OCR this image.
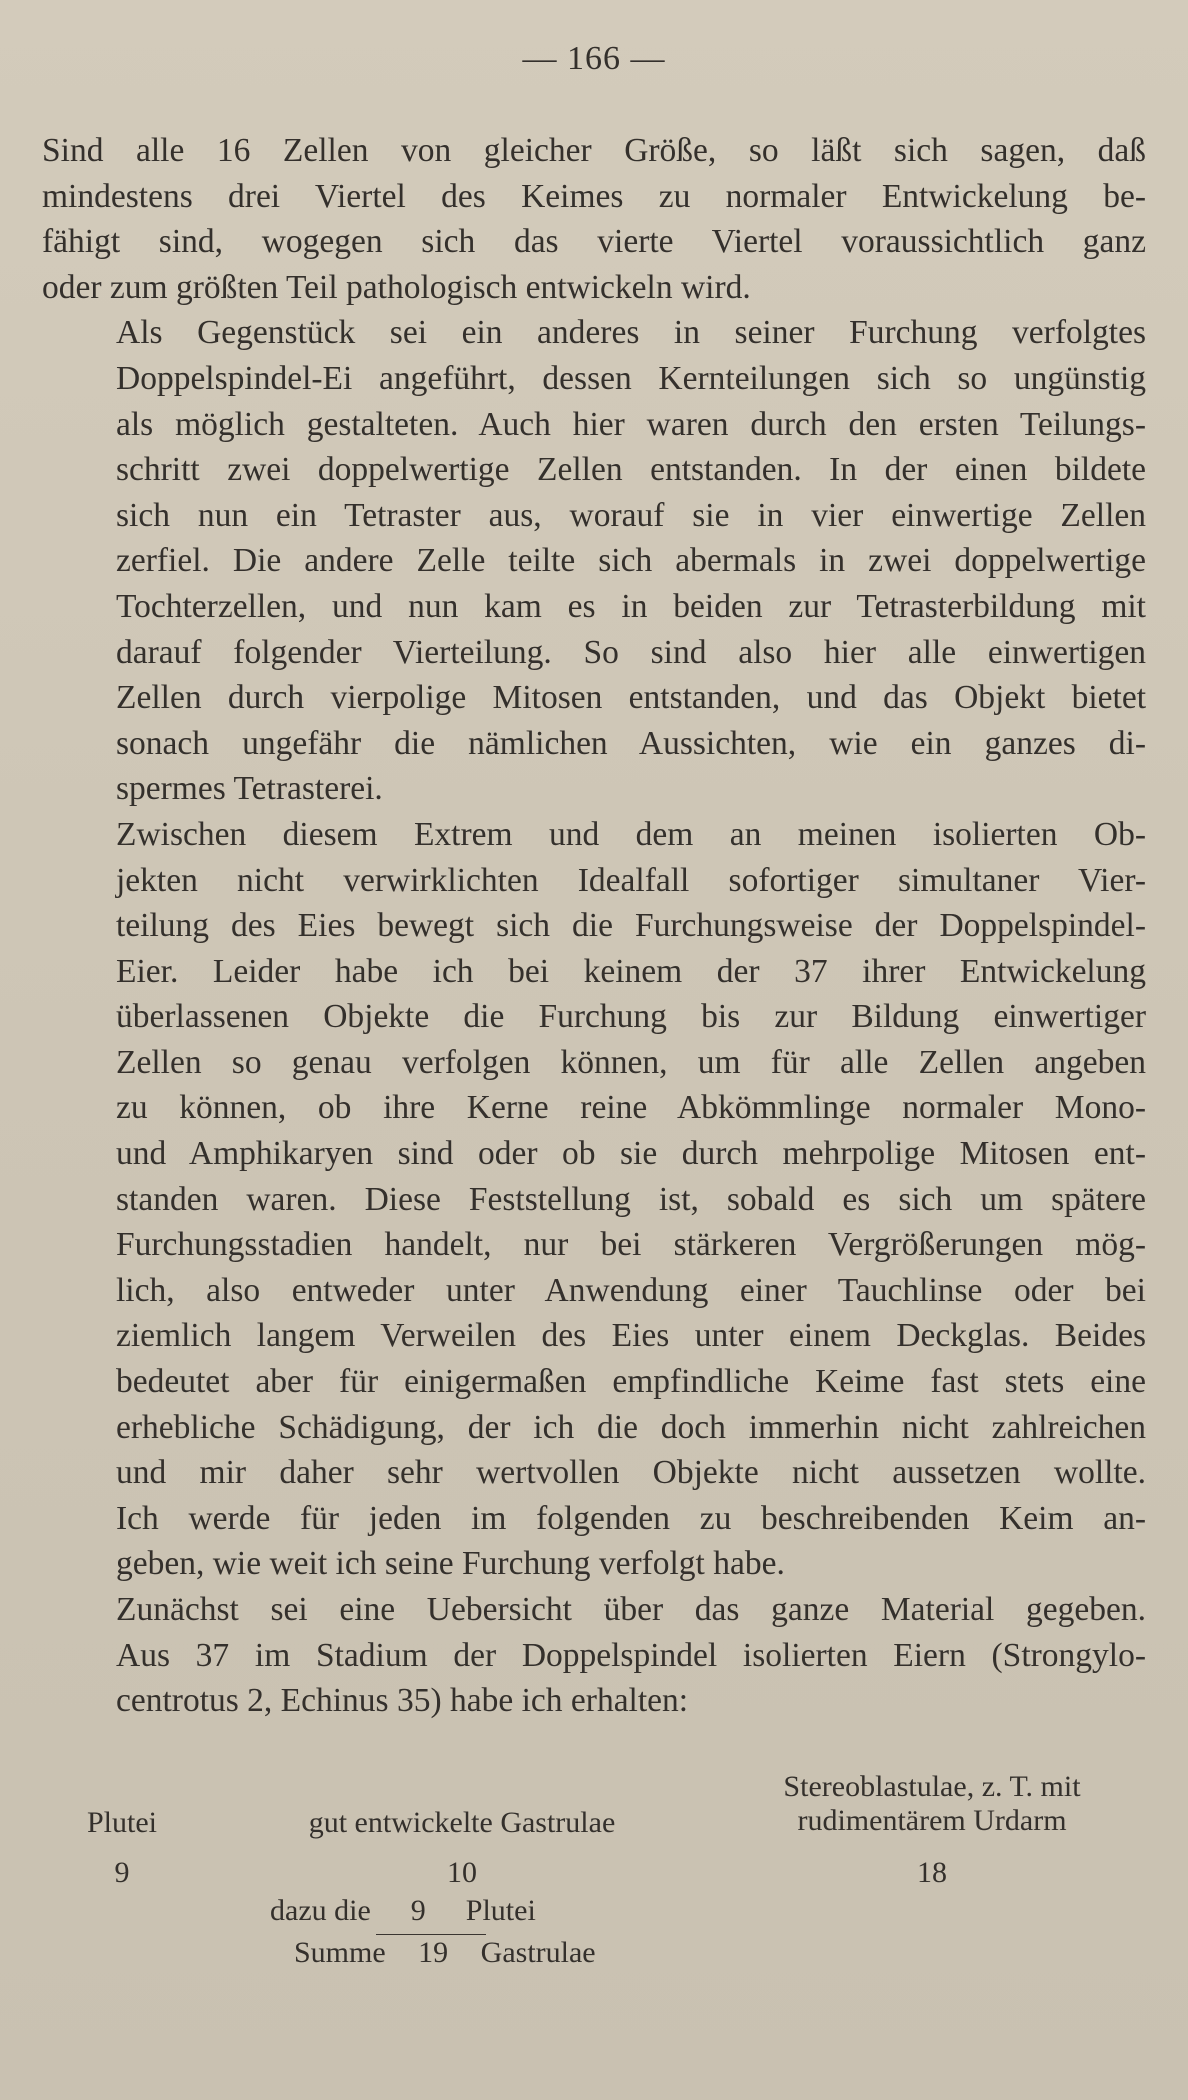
— 166 —

Sind alle 16 Zellen von gleicher Größe, so läßt sich sagen, daß
mindestens drei Viertel des Keimes zu normaler Entwickelung be-
fähigt sind, wogegen sich das vierte Viertel voraussichtlich ganz
oder zum größten Teil pathologisch entwickeln wird.

Als Gegenstück sei ein anderes in seiner Furchung verfolgtes
Doppelspindel-Ei angeführt, dessen Kernteilungen sich so ungünstig
als möglich gestalteten. Auch hier waren durch den ersten Teilungs-
schritt zwei doppelwertige Zellen entstanden. In der einen bildete
sich nun ein Tetraster aus, worauf sie in vier einwertige Zellen
zerfiel. Die andere Zelle teilte sich abermals in zwei doppelwertige
Tochterzellen, und nun kam es in beiden zur Tetrasterbildung mit
darauf folgender Vierteilung. So sind also hier alle einwertigen
Zellen durch vierpolige Mitosen entstanden, und das Objekt bietet
sonach ungefähr die nämlichen Aussichten, wie ein ganzes di-
spermes Tetrasterei.

Zwischen diesem Extrem und dem an meinen isolierten Ob-
jekten nicht verwirklichten Idealfall sofortiger simultaner Vier-
teilung des Eies bewegt sich die Furchungsweise der Doppelspindel-
Eier. Leider habe ich bei keinem der 37 ihrer Entwickelung
überlassenen Objekte die Furchung bis zur Bildung einwertiger
Zellen so genau verfolgen können, um für alle Zellen angeben
zu können, ob ihre Kerne reine Abkömmlinge normaler Mono-
und Amphikaryen sind oder ob sie durch mehrpolige Mitosen ent-
standen waren. Diese Feststellung ist, sobald es sich um spätere
Furchungsstadien handelt, nur bei stärkeren Vergrößerungen mög-
lich, also entweder unter Anwendung einer Tauchlinse oder bei
ziemlich langem Verweilen des Eies unter einem Deckglas. Beides
bedeutet aber für einigermaßen empfindliche Keime fast stets eine
erhebliche Schädigung, der ich die doch immerhin nicht zahlreichen
und mir daher sehr wertvollen Objekte nicht aussetzen wollte.
Ich werde für jeden im folgenden zu beschreibenden Keim an-
geben, wie weit ich seine Furchung verfolgt habe.

Zunächst sei eine Uebersicht über das ganze Material gegeben.
Aus 37 im Stadium der Doppelspindel isolierten Eiern (Strongylo-
centrotus 2, Echinus 35) habe ich erhalten:

Plutei	gut entwickelte Gastrulae
Stereoblastulae, z. T. mit
rudimentärem Urdarm
9	10	18
dazu die 9 Plutei
Summe 19 Gastrulae
